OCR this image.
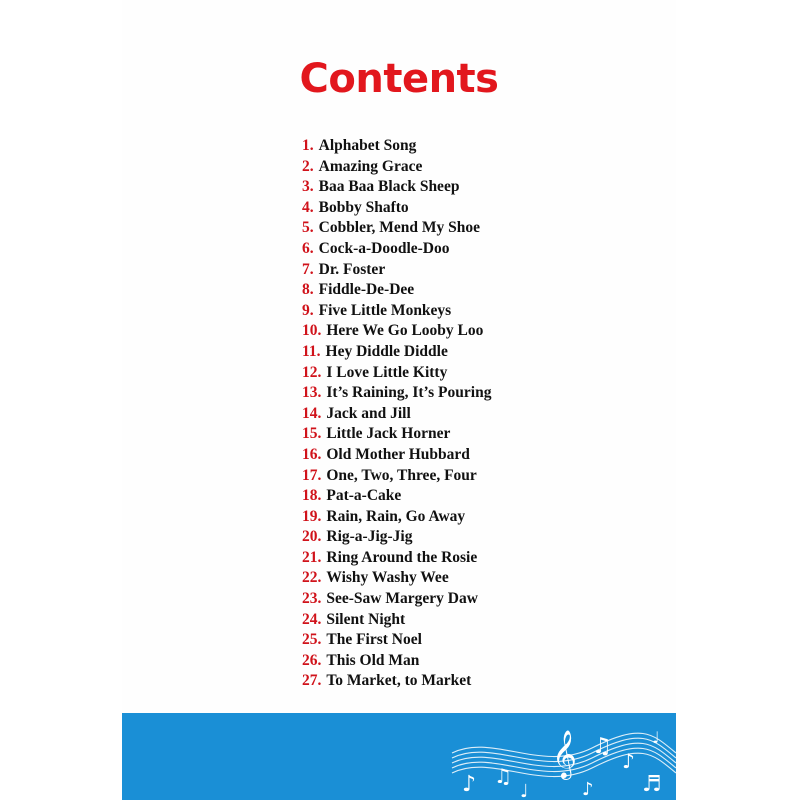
Contents
1. Alphabet Song
2. Amazing Grace
3. Baa Baa Black Sheep
4. Bobby Shafto
5. Cobbler, Mend My Shoe
6. Cock-a-Doodle-Doo
7. Dr. Foster
8. Fiddle-De-Dee
9. Five Little Monkeys
10. Here We Go Looby Loo
11. Hey Diddle Diddle
12. I Love Little Kitty
13. It’s Raining, It’s Pouring
14. Jack and Jill
15. Little Jack Horner
16. Old Mother Hubbard
17. One, Two, Three, Four
18. Pat-a-Cake
19. Rain, Rain, Go Away
20. Rig-a-Jig-Jig
21. Ring Around the Rosie
22. Wishy Washy Wee
23. See-Saw Margery Daw
24. Silent Night
25. The First Noel
26. This Old Man
27. To Market, to Market
𝄞
♪ ♫
♩
♫
♪
♬
♪
♩
